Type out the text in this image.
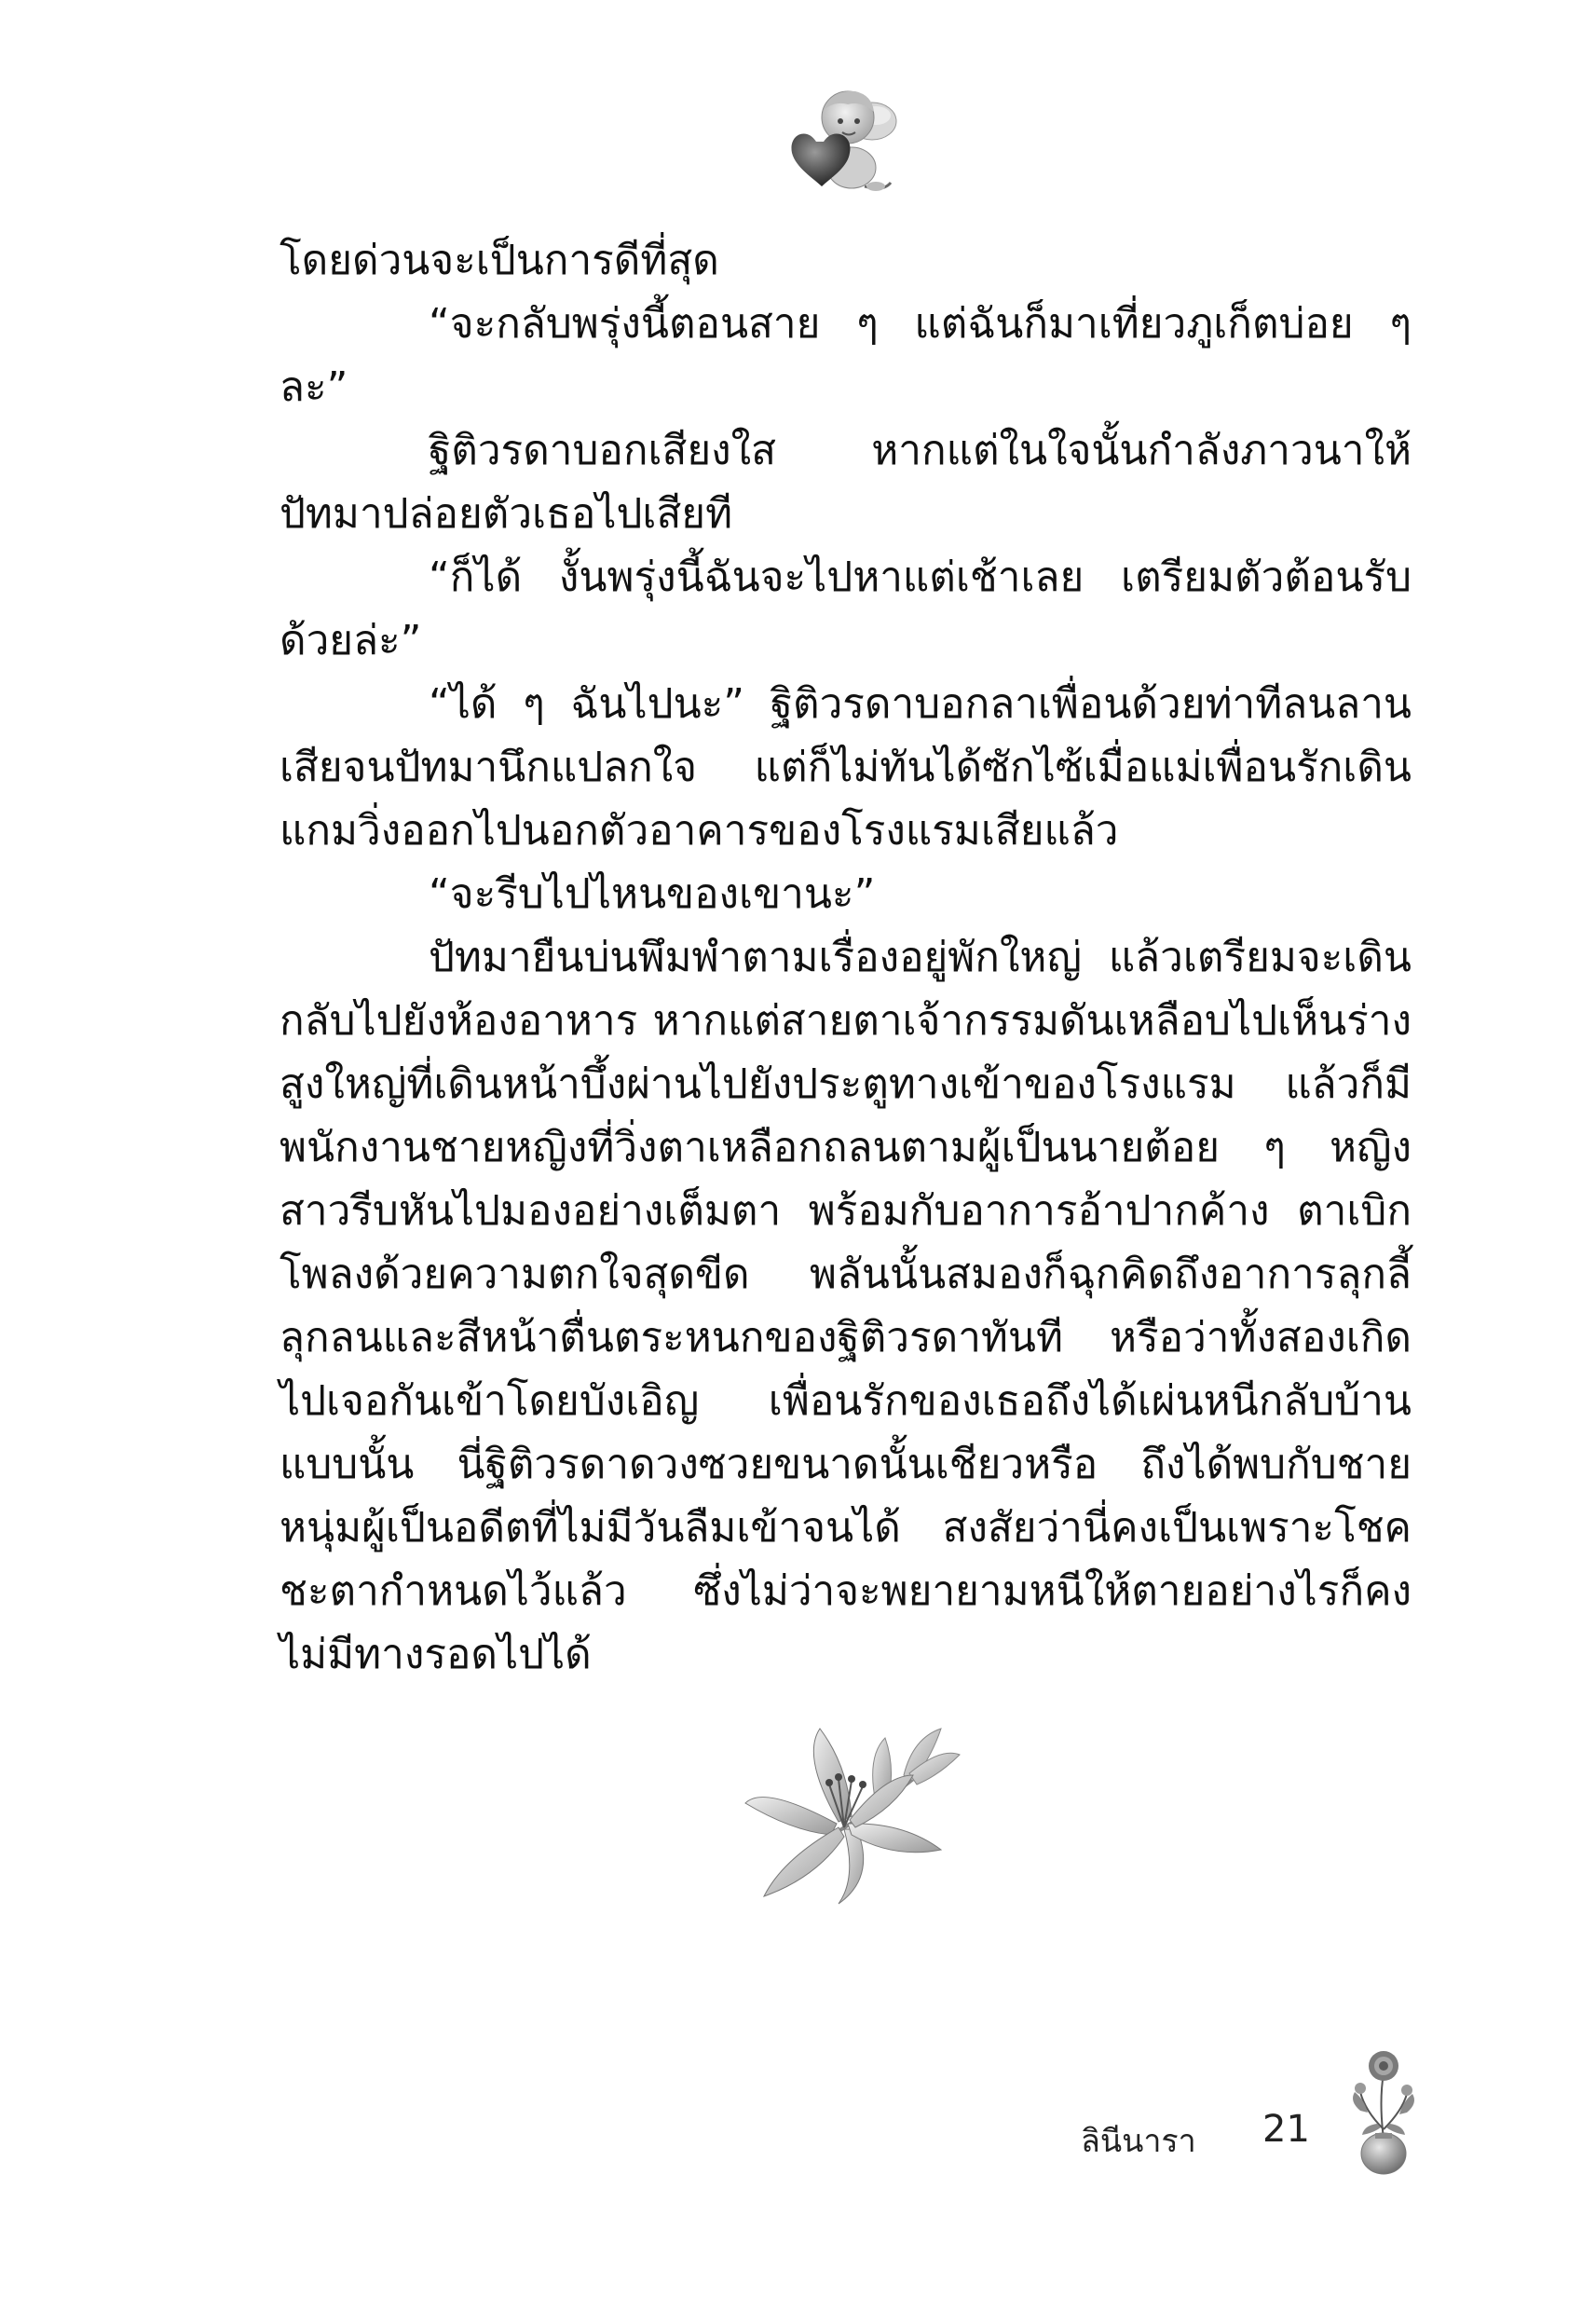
โดยด่วนจะเป็นการดีที่สุด

“จะกลับพรุ่งนี้ตอนสาย ๆ แต่ฉันก็มาเที่ยวภูเก็ตบ่อย ๆ ละ”

ฐิติวรดาบอกเสียงใส หากแต่ในใจนั้นกำลังภาวนาให้ปัทมาปล่อยตัวเธอไปเสียที

“ก็ได้ งั้นพรุ่งนี้ฉันจะไปหาแต่เช้าเลย เตรียมตัวต้อนรับด้วยล่ะ”

“ได้ ๆ ฉันไปนะ” ฐิติวรดาบอกลาเพื่อนด้วยท่าทีลนลานเสียจนปัทมานึกแปลกใจ แต่ก็ไม่ทันได้ซักไซ้เมื่อแม่เพื่อนรักเดินแกมวิ่งออกไปนอกตัวอาคารของโรงแรมเสียแล้ว

“จะรีบไปไหนของเขานะ”

ปัทมายืนบ่นพึมพำตามเรื่องอยู่พักใหญ่ แล้วเตรียมจะเดินกลับไปยังห้องอาหาร หากแต่สายตาเจ้ากรรมดันเหลือบไปเห็นร่างสูงใหญ่ที่เดินหน้าบึ้งผ่านไปยังประตูทางเข้าของโรงแรม แล้วก็มีพนักงานชายหญิงที่วิ่งตาเหลือกถลนตามผู้เป็นนายต้อย ๆ หญิงสาวรีบหันไปมองอย่างเต็มตา พร้อมกับอาการอ้าปากค้าง ตาเบิกโพลงด้วยความตกใจสุดขีด พลันนั้นสมองก็ฉุกคิดถึงอาการลุกลี้ลุกลนและสีหน้าตื่นตระหนกของฐิติวรดาทันที หรือว่าทั้งสองเกิดไปเจอกันเข้าโดยบังเอิญ เพื่อนรักของเธอถึงได้เผ่นหนีกลับบ้านแบบนั้น นี่ฐิติวรดาดวงซวยขนาดนั้นเชียวหรือ ถึงได้พบกับชายหนุ่มผู้เป็นอดีตที่ไม่มีวันลืมเข้าจนได้ สงสัยว่านี่คงเป็นเพราะโชคชะตากำหนดไว้แล้ว ซึ่งไม่ว่าจะพยายามหนีให้ตายอย่างไรก็คงไม่มีทางรอดไปได้

ลินีนารา 21
